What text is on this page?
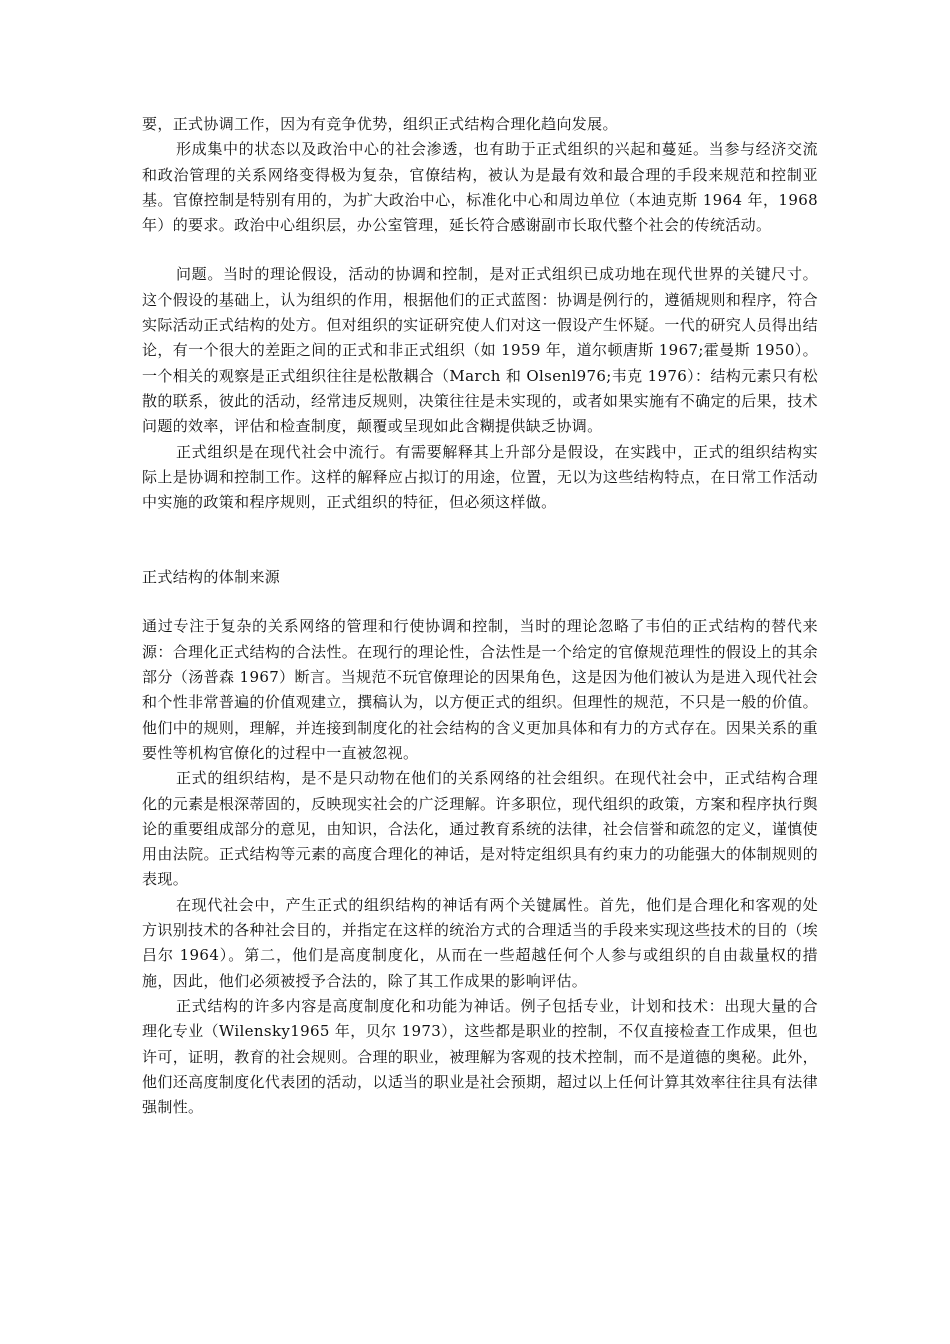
要，正式协调工作，因为有竞争优势，组织正式结构合理化趋向发展。

形成集中的状态以及政治中心的社会渗透，也有助于正式组织的兴起和蔓延。当参与经济交流和政治管理的关系网络变得极为复杂，官僚结构，被认为是最有效和最合理的手段来规范和控制亚基。官僚控制是特别有用的，为扩大政治中心，标准化中心和周边单位（本迪克斯 1964 年，1968 年）的要求。政治中心组织层，办公室管理，延长符合感谢副市长取代整个社会的传统活动。

问题。当时的理论假设，活动的协调和控制，是对正式组织已成功地在现代世界的关键尺寸。这个假设的基础上，认为组织的作用，根据他们的正式蓝图：协调是例行的，遵循规则和程序，符合实际活动正式结构的处方。但对组织的实证研究使人们对这一假设产生怀疑。一代的研究人员得出结论，有一个很大的差距之间的正式和非正式组织（如 1959 年，道尔顿唐斯 1967;霍曼斯 1950）。一个相关的观察是正式组织往往是松散耦合（March 和 Olsenl976;韦克 1976）：结构元素只有松散的联系，彼此的活动，经常违反规则，决策往往是未实现的，或者如果实施有不确定的后果，技术问题的效率，评估和检查制度，颠覆或呈现如此含糊提供缺乏协调。

正式组织是在现代社会中流行。有需要解释其上升部分是假设，在实践中，正式的组织结构实际上是协调和控制工作。这样的解释应占拟订的用途，位置，无以为这些结构特点，在日常工作活动中实施的政策和程序规则，正式组织的特征，但必须这样做。

正式结构的体制来源

通过专注于复杂的关系网络的管理和行使协调和控制，当时的理论忽略了韦伯的正式结构的替代来源：合理化正式结构的合法性。在现行的理论性，合法性是一个给定的官僚规范理性的假设上的其余部分（汤普森 1967）断言。当规范不玩官僚理论的因果角色，这是因为他们被认为是进入现代社会和个性非常普遍的价值观建立，撰稿认为，以方便正式的组织。但理性的规范，不只是一般的价值。他们中的规则，理解，并连接到制度化的社会结构的含义更加具体和有力的方式存在。因果关系的重要性等机构官僚化的过程中一直被忽视。

正式的组织结构，是不是只动物在他们的关系网络的社会组织。在现代社会中，正式结构合理化的元素是根深蒂固的，反映现实社会的广泛理解。许多职位，现代组织的政策，方案和程序执行舆论的重要组成部分的意见，由知识，合法化，通过教育系统的法律，社会信誉和疏忽的定义，谨慎使用由法院。正式结构等元素的高度合理化的神话，是对特定组织具有约束力的功能强大的体制规则的表现。

在现代社会中，产生正式的组织结构的神话有两个关键属性。首先，他们是合理化和客观的处方识别技术的各种社会目的，并指定在这样的统治方式的合理适当的手段来实现这些技术的目的（埃吕尔 1964）。第二，他们是高度制度化，从而在一些超越任何个人参与或组织的自由裁量权的措施，因此，他们必须被授予合法的，除了其工作成果的影响评估。

正式结构的许多内容是高度制度化和功能为神话。例子包括专业，计划和技术：出现大量的合理化专业（Wilensky1965 年，贝尔 1973），这些都是职业的控制，不仅直接检查工作成果，但也许可，证明，教育的社会规则。合理的职业，被理解为客观的技术控制，而不是道德的奥秘。此外，他们还高度制度化代表团的活动，以适当的职业是社会预期，超过以上任何计算其效率往往具有法律强制性。
